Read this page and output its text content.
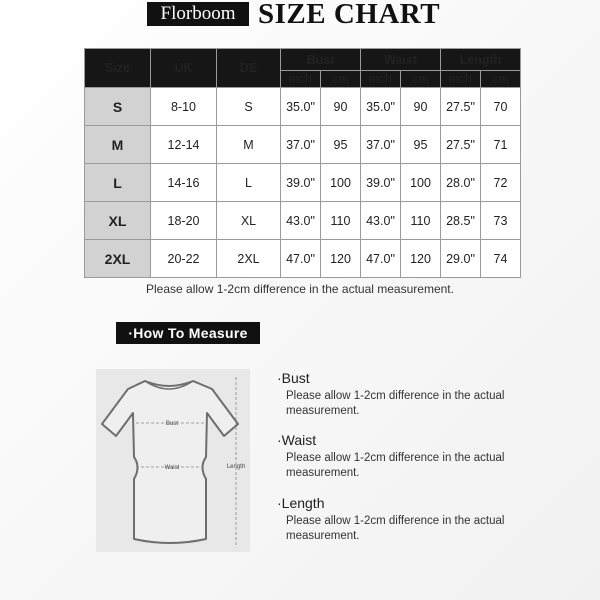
Florboom SIZE CHART
Size	UK	DE	Bust		Waist		Length	
			inch	cm	inch	cm	inch	cm
S	8-10	S	35.0"	90	35.0"	90	27.5"	70
M	12-14	M	37.0"	95	37.0"	95	27.5"	71
L	14-16	L	39.0"	100	39.0"	100	28.0"	72
XL	18-20	XL	43.0"	110	43.0"	110	28.5"	73
2XL	20-22	2XL	47.0"	120	47.0"	120	29.0"	74
Please allow 1-2cm difference in the actual measurement.
·How To Measure
Bust
Waist	Length
·Bust
Please allow 1-2cm difference in the actual measurement.
·Waist
Please allow 1-2cm difference in the actual measurement.
·Length
Please allow 1-2cm difference in the actual measurement.
